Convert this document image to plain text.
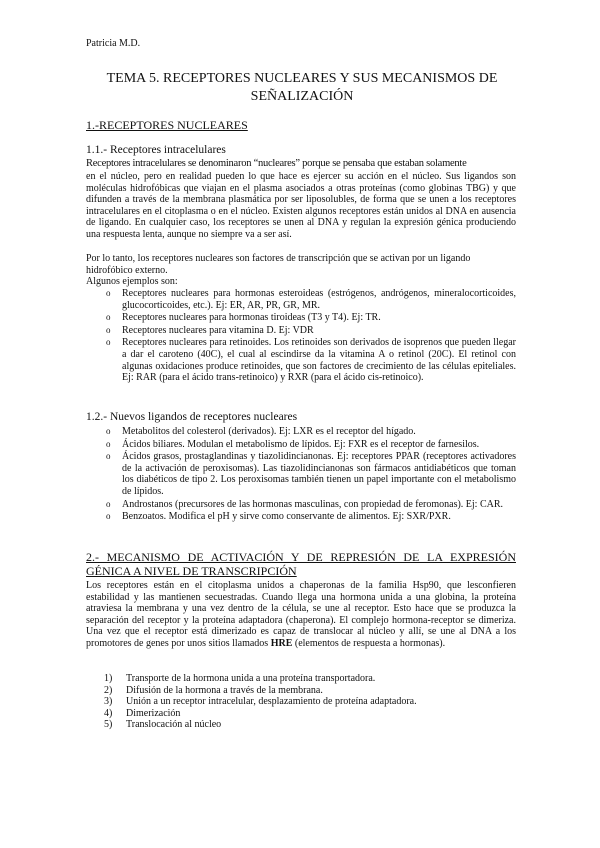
Patricia M.D.
TEMA 5. RECEPTORES NUCLEARES Y SUS MECANISMOS DE
SEÑALIZACIÓN
1.-RECEPTORES NUCLEARES
1.1.- Receptores intracelulares
Receptores intracelulares se denominaron “nucleares” porque se pensaba que estaban solamente

en el núcleo, pero en realidad pueden lo que hace es ejercer su acción en el núcleo. Sus ligandos son moléculas hidrofóbicas que viajan en el plasma asociados a otras proteínas (como globinas TBG) y que difunden a través de la membrana plasmática por ser liposolubles, de forma que se unen a los receptores intracelulares en el citoplasma o en el núcleo. Existen algunos receptores están unidos al DNA en ausencia de ligando. En cualquier caso, los receptores se unen al DNA y regulan la expresión génica produciendo una respuesta lenta, aunque no siempre va a ser así.

Por lo tanto, los receptores nucleares son factores de transcripción que se activan por un ligando hidrofóbico externo.

Algunos ejemplos son:
o Receptores nucleares para hormonas esteroideas (estrógenos, andrógenos, mineralocorticoides, glucocorticoides, etc.). Ej: ER, AR, PR, GR, MR.
o Receptores nucleares para hormonas tiroideas (T3 y T4). Ej: TR.
o Receptores nucleares para vitamina D. Ej: VDR
o Receptores nucleares para retinoides. Los retinoides son derivados de isoprenos que pueden llegar a dar el caroteno (40C), el cual al escindirse da la vitamina A o retinol (20C). El retinol con algunas oxidaciones produce retinoides, que son factores de crecimiento de las células epiteliales. Ej: RAR (para el ácido trans-retinoico) y RXR (para el ácido cis-retinoico).
1.2.- Nuevos ligandos de receptores nucleares
o Metabolitos del colesterol (derivados). Ej: LXR es el receptor del hígado.
o Ácidos biliares. Modulan el metabolismo de lípidos. Ej: FXR es el receptor de farnesilos.
o Ácidos grasos, prostaglandinas y tiazolidincianonas. Ej: receptores PPAR (receptores activadores de la activación de peroxisomas). Las tiazolidincianonas son fármacos antidiabéticos que toman los diabéticos de tipo 2. Los peroxisomas también tienen un papel importante con el metabolismo de lípidos.
o Androstanos (precursores de las hormonas masculinas, con propiedad de feromonas). Ej: CAR.
o Benzoatos. Modifica el pH y sirve como conservante de alimentos. Ej: SXR/PXR.
2.- MECANISMO DE ACTIVACIÓN Y DE REPRESIÓN DE LA EXPRESIÓN
GÉNICA A NIVEL DE TRANSCRIPCIÓN

Los receptores están en el citoplasma unidos a chaperonas de la familia Hsp90, que lesconfieren estabilidad y las mantienen secuestradas. Cuando llega una hormona unida a una globina, la proteína atraviesa la membrana y una vez dentro de la célula, se une al receptor. Esto hace que se produzca la separación del receptor y la proteína adaptadora (chaperona). El complejo hormona-receptor se dimeriza. Una vez que el receptor está dimerizado es capaz de translocar al núcleo y allí, se une al DNA a los promotores de genes por unos sitios llamados HRE (elementos de respuesta a hormonas).

1) Transporte de la hormona unida a una proteína transportadora.
2) Difusión de la hormona a través de la membrana.
3) Unión a un receptor intracelular, desplazamiento de proteína adaptadora.
4) Dimerización
5) Translocación al núcleo
